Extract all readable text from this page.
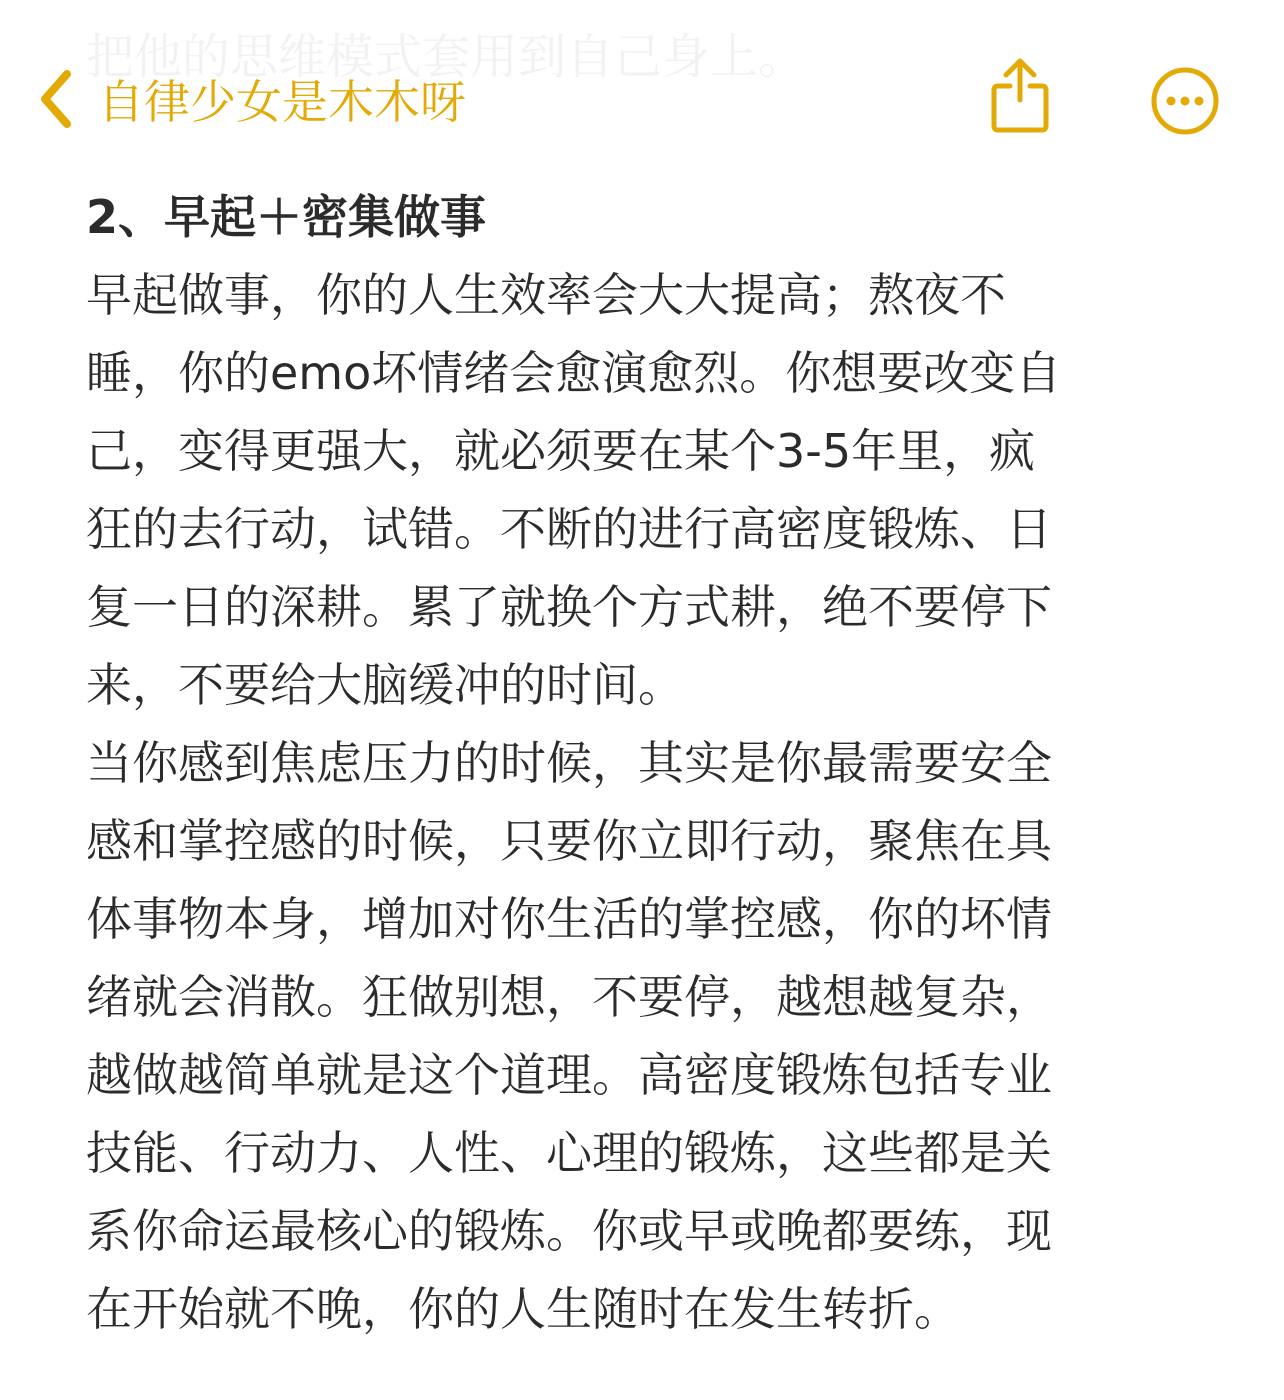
把他的思维模式套用到自己身上。
自律少女是木木呀
2、早起＋密集做事
早起做事，你的人生效率会大大提高；熬夜不
睡，你的emo坏情绪会愈演愈烈。你想要改变自
己，变得更强大，就必须要在某个3-5年里，疯
狂的去行动，试错。不断的进行高密度锻炼、日
复一日的深耕。累了就换个方式耕，绝不要停下
来，不要给大脑缓冲的时间。
当你感到焦虑压力的时候，其实是你最需要安全
感和掌控感的时候，只要你立即行动，聚焦在具
体事物本身，增加对你生活的掌控感，你的坏情
绪就会消散。狂做别想，不要停，越想越复杂，
越做越简单就是这个道理。高密度锻炼包括专业
技能、行动力、人性、心理的锻炼，这些都是关
系你命运最核心的锻炼。你或早或晚都要练，现
在开始就不晚，你的人生随时在发生转折。
